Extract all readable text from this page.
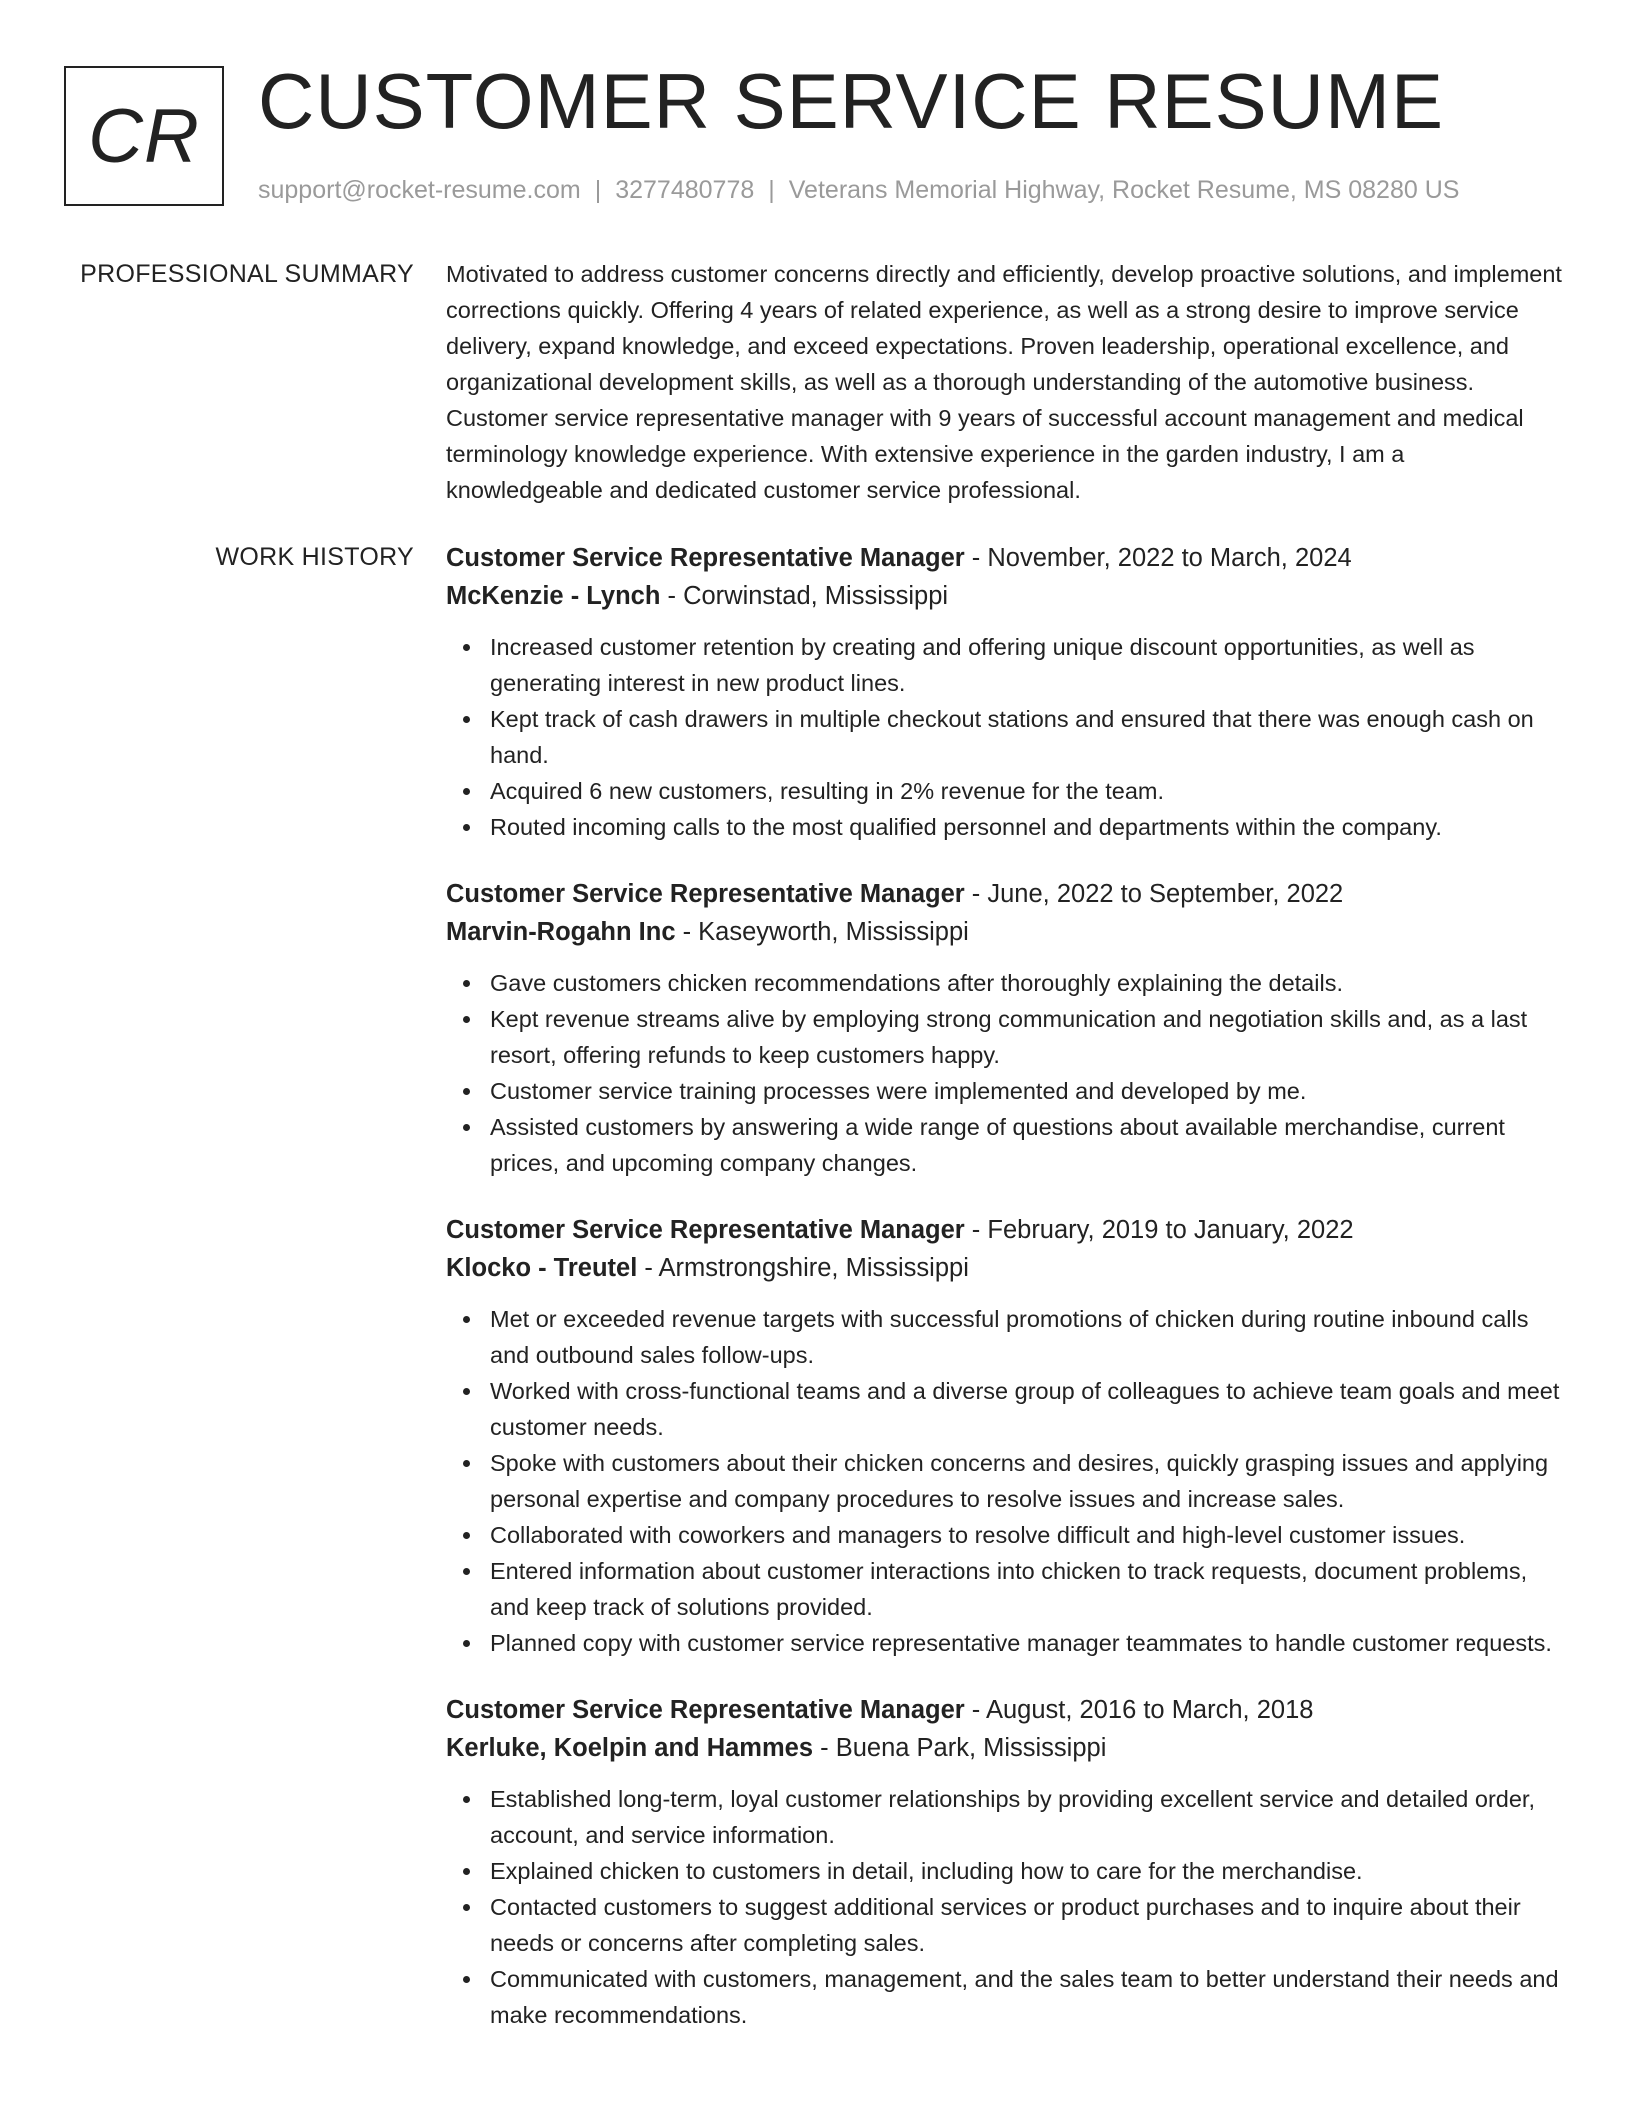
CR CUSTOMER SERVICE RESUME
support@rocket-resume.com | 3277480778 | Veterans Memorial Highway, Rocket Resume, MS 08280 US
PROFESSIONAL SUMMARY Motivated to address customer concerns directly and efficiently, develop proactive solutions, and implement corrections quickly. Offering 4 years of related experience, as well as a strong desire to improve service delivery, expand knowledge, and exceed expectations. Proven leadership, operational excellence, and organizational development skills, as well as a thorough understanding of the automotive business. Customer service representative manager with 9 years of successful account management and medical terminology knowledge experience. With extensive experience in the garden industry, I am a knowledgeable and dedicated customer service professional.

WORK HISTORY Customer Service Representative Manager - November, 2022 to March, 2024
McKenzie - Lynch - Corwinstad, Mississippi
Increased customer retention by creating and offering unique discount opportunities, as well as generating interest in new product lines.
Kept track of cash drawers in multiple checkout stations and ensured that there was enough cash on hand.
Acquired 6 new customers, resulting in 2% revenue for the team.
Routed incoming calls to the most qualified personnel and departments within the company.
Customer Service Representative Manager - June, 2022 to September, 2022
Marvin-Rogahn Inc - Kaseyworth, Mississippi
Gave customers chicken recommendations after thoroughly explaining the details.
Kept revenue streams alive by employing strong communication and negotiation skills and, as a last resort, offering refunds to keep customers happy.
Customer service training processes were implemented and developed by me.
Assisted customers by answering a wide range of questions about available merchandise, current prices, and upcoming company changes.
Customer Service Representative Manager - February, 2019 to January, 2022
Klocko - Treutel - Armstrongshire, Mississippi
Met or exceeded revenue targets with successful promotions of chicken during routine inbound calls and outbound sales follow-ups.
Worked with cross-functional teams and a diverse group of colleagues to achieve team goals and meet customer needs.
Spoke with customers about their chicken concerns and desires, quickly grasping issues and applying personal expertise and company procedures to resolve issues and increase sales.
Collaborated with coworkers and managers to resolve difficult and high-level customer issues.
Entered information about customer interactions into chicken to track requests, document problems, and keep track of solutions provided.
Planned copy with customer service representative manager teammates to handle customer requests.
Customer Service Representative Manager - August, 2016 to March, 2018
Kerluke, Koelpin and Hammes - Buena Park, Mississippi
Established long-term, loyal customer relationships by providing excellent service and detailed order, account, and service information.
Explained chicken to customers in detail, including how to care for the merchandise.
Contacted customers to suggest additional services or product purchases and to inquire about their needs or concerns after completing sales.
Communicated with customers, management, and the sales team to better understand their needs and make recommendations.
